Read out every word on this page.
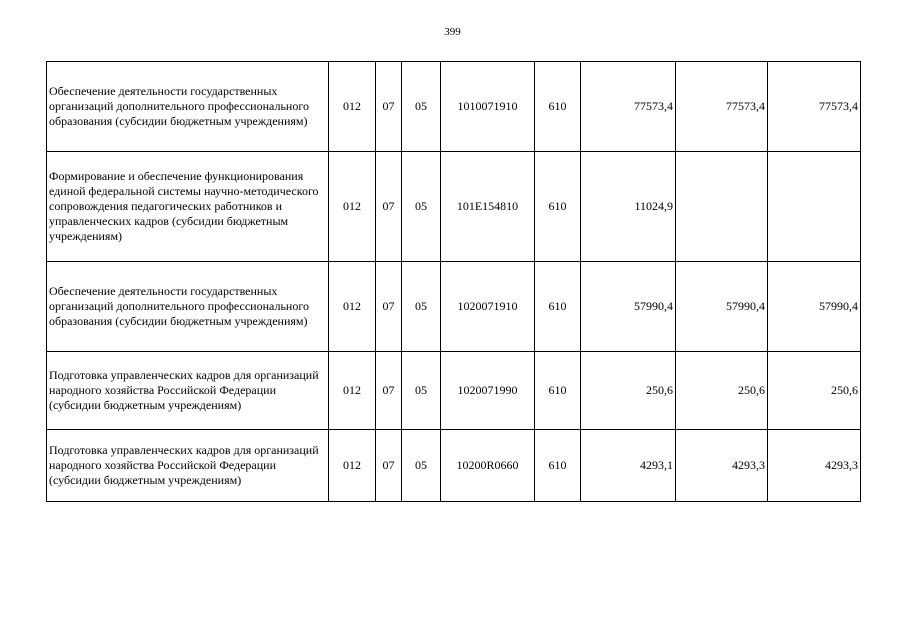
399
Обеспечение деятельности государственных организаций дополнительного профессионального образования (субсидии бюджетным учреждениям)	012	07	05	1010071910	610	77573,4	77573,4	77573,4
Формирование и обеспечение функционирования единой федеральной системы научно-методического сопровождения педагогических работников и управленческих кадров (субсидии бюджетным учреждениям)	012	07	05	101E154810	610	11024,9		
Обеспечение деятельности государственных организаций дополнительного профессионального образования (субсидии бюджетным учреждениям)	012	07	05	1020071910	610	57990,4	57990,4	57990,4
Подготовка управленческих кадров для организаций народного хозяйства Российской Федерации (субсидии бюджетным учреждениям)	012	07	05	1020071990	610	250,6	250,6	250,6
Подготовка управленческих кадров для организаций народного хозяйства Российской Федерации (субсидии бюджетным учреждениям)	012	07	05	10200R0660	610	4293,1	4293,3	4293,3
